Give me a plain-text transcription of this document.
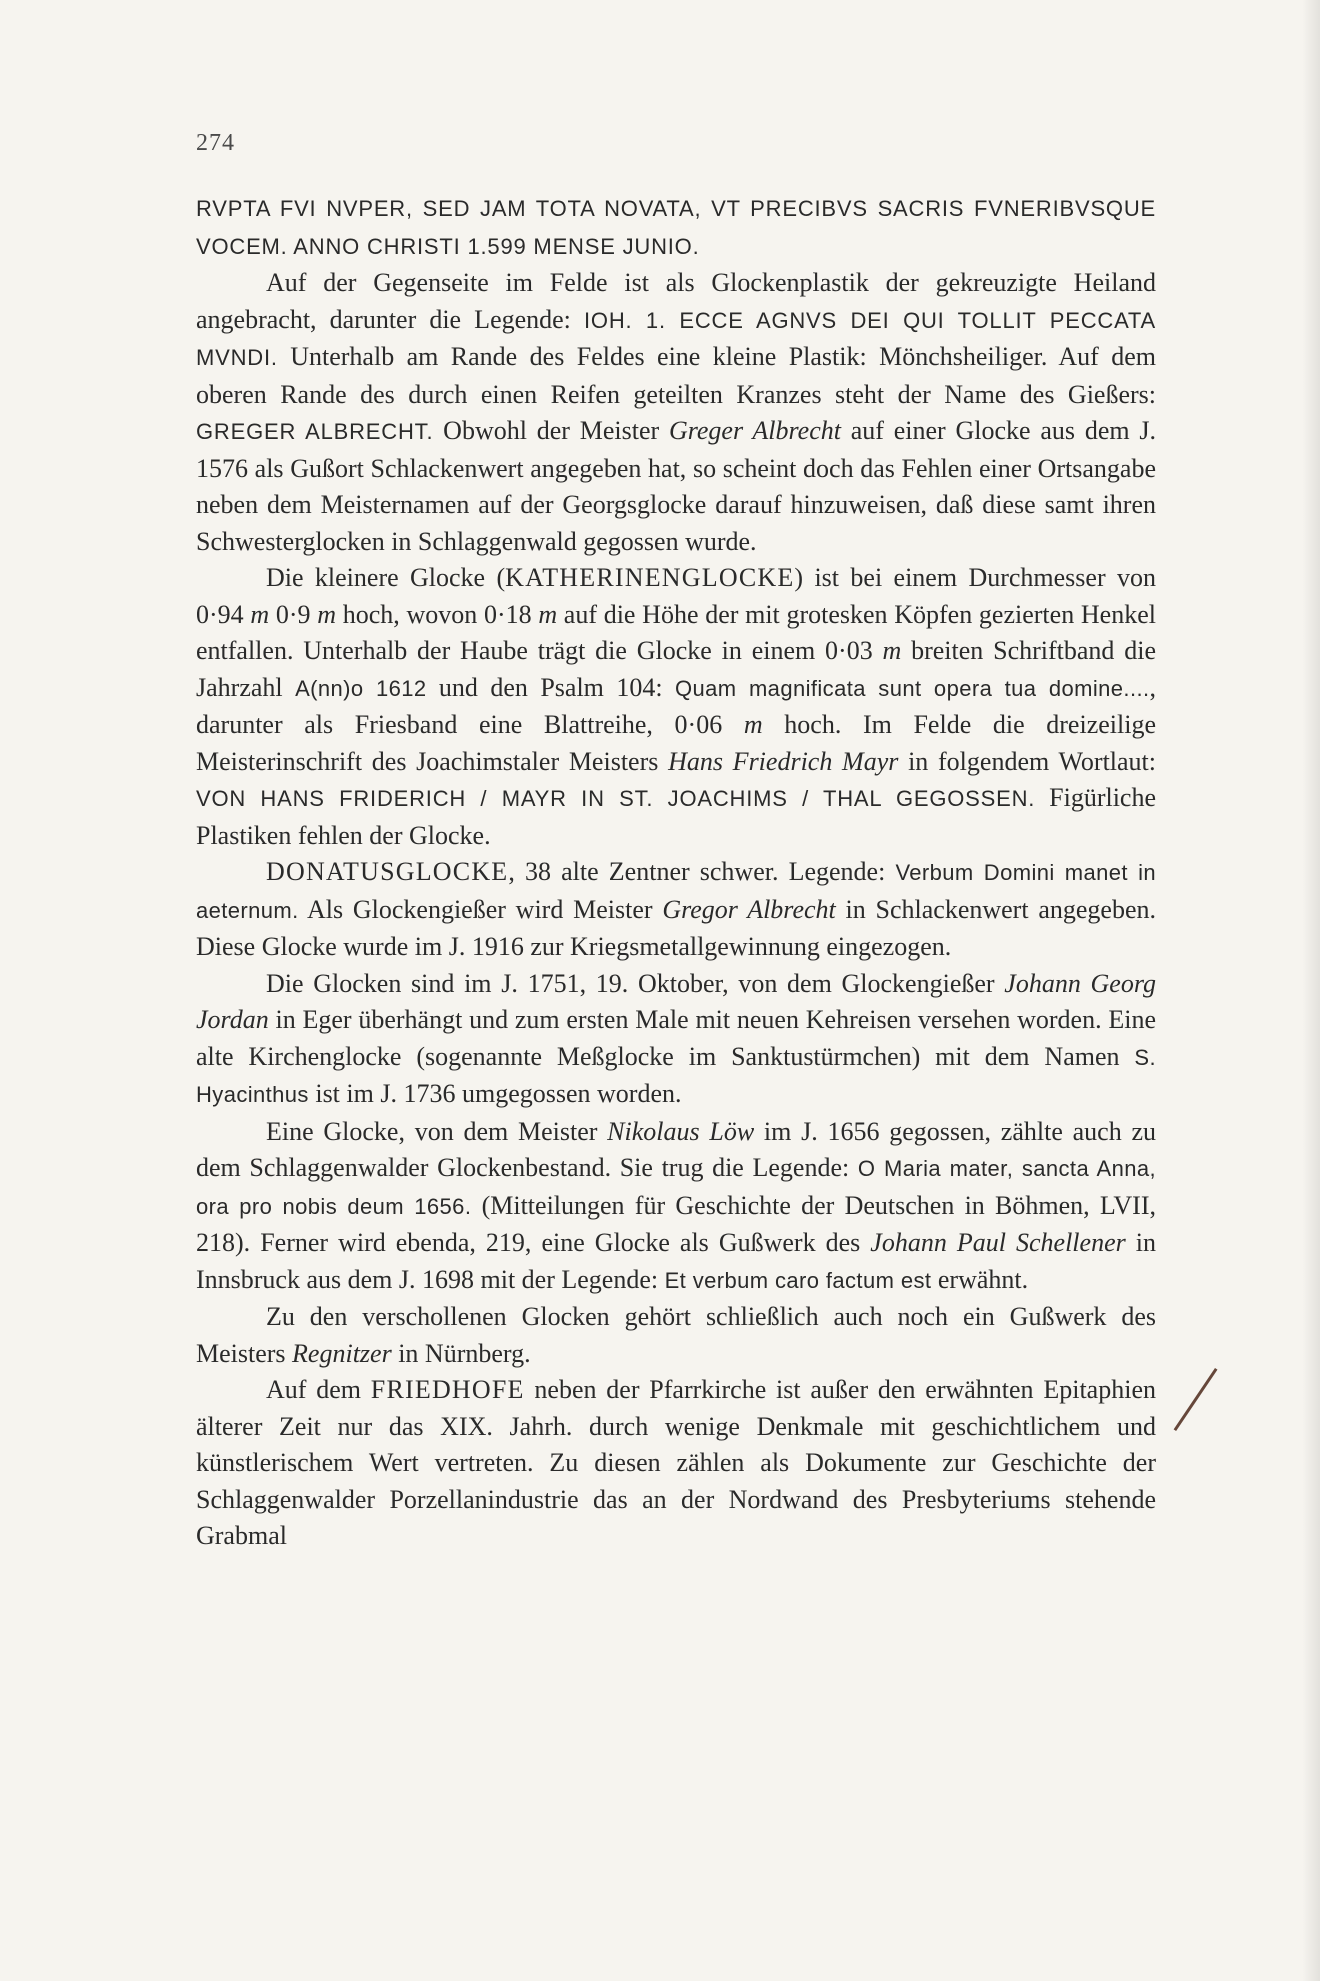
274

RVPTA FVI NVPER, SED JAM TOTA NOVATA, VT PRECIBVS SACRIS FVNERIBVSQUE VOCEM. ANNO CHRISTI 1.599 MENSE JUNIO.

Auf der Gegenseite im Felde ist als Glockenplastik der gekreuzigte Heiland angebracht, darunter die Legende: IOH. 1. ECCE AGNVS DEI QUI TOLLIT PECCATA MVNDI. Unterhalb am Rande des Feldes eine kleine Plastik: Mönchsheiliger. Auf dem oberen Rande des durch einen Reifen geteilten Kranzes steht der Name des Gießers: GREGER ALBRECHT. Obwohl der Meister Greger Albrecht auf einer Glocke aus dem J. 1576 als Gußort Schlackenwert angegeben hat, so scheint doch das Fehlen einer Ortsangabe neben dem Meisternamen auf der Georgsglocke darauf hinzuweisen, daß diese samt ihren Schwesterglocken in Schlaggenwald gegossen wurde.

Die kleinere Glocke (KATHERINENGLOCKE) ist bei einem Durchmesser von 0·94 m 0·9 m hoch, wovon 0·18 m auf die Höhe der mit grotesken Köpfen gezierten Henkel entfallen. Unterhalb der Haube trägt die Glocke in einem 0·03 m breiten Schriftband die Jahrzahl A(nn)o 1612 und den Psalm 104: Quam magnificata sunt opera tua domine...., darunter als Friesband eine Blattreihe, 0·06 m hoch. Im Felde die dreizeilige Meisterinschrift des Joachimstaler Meisters Hans Friedrich Mayr in folgendem Wortlaut: VON HANS FRIDERICH / MAYR IN ST. JOACHIMS / THAL GEGOSSEN. Figürliche Plastiken fehlen der Glocke.

DONATUSGLOCKE, 38 alte Zentner schwer. Legende: Verbum Domini manet in aeternum. Als Glockengießer wird Meister Gregor Albrecht in Schlackenwert angegeben. Diese Glocke wurde im J. 1916 zur Kriegsmetallgewinnung eingezogen.

Die Glocken sind im J. 1751, 19. Oktober, von dem Glockengießer Johann Georg Jordan in Eger überhängt und zum ersten Male mit neuen Kehreisen versehen worden. Eine alte Kirchenglocke (sogenannte Meßglocke im Sanktustürmchen) mit dem Namen S. Hyacinthus ist im J. 1736 umgegossen worden.

Eine Glocke, von dem Meister Nikolaus Löw im J. 1656 gegossen, zählte auch zu dem Schlaggenwalder Glockenbestand. Sie trug die Legende: O Maria mater, sancta Anna, ora pro nobis deum 1656. (Mitteilungen für Geschichte der Deutschen in Böhmen, LVII, 218). Ferner wird ebenda, 219, eine Glocke als Gußwerk des Johann Paul Schellener in Innsbruck aus dem J. 1698 mit der Legende: Et verbum caro factum est erwähnt.

Zu den verschollenen Glocken gehört schließlich auch noch ein Gußwerk des Meisters Regnitzer in Nürnberg.

Auf dem FRIEDHOFE neben der Pfarrkirche ist außer den erwähnten Epitaphien älterer Zeit nur das XIX. Jahrh. durch wenige Denkmale mit geschichtlichem und künstlerischem Wert vertreten. Zu diesen zählen als Dokumente zur Geschichte der Schlaggenwalder Porzellanindustrie das an der Nordwand des Presbyteriums stehende Grabmal
